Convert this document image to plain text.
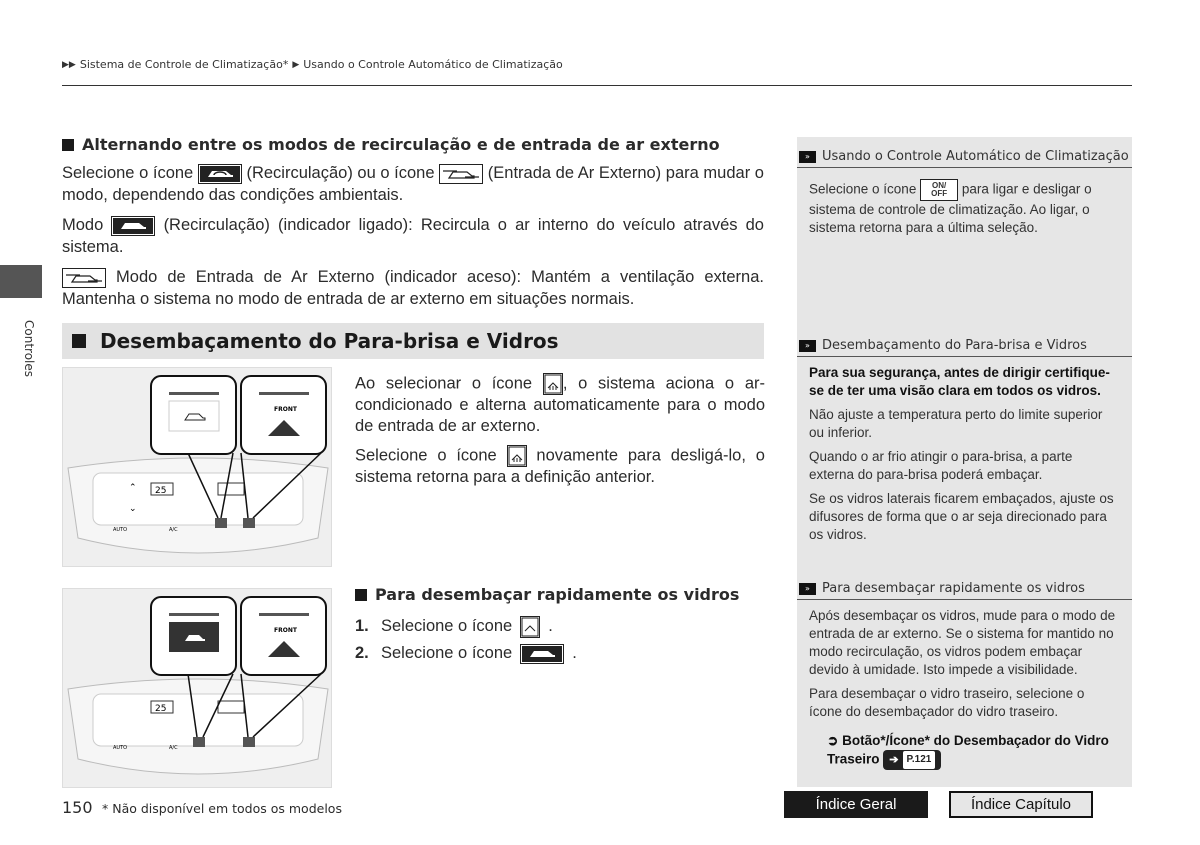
▶▶ Sistema de Controle de Climatização* ▶ Usando o Controle Automático de Climatização
Controles
Alternando entre os modos de recirculação e de entrada de ar externo

Selecione o ícone	(Recirculação) ou o ícone	(Entrada de Ar Externo) para mudar o modo, dependendo das condições ambientais.

Modo	(Recirculação) (indicador ligado): Recircula o ar interno do veículo através do sistema.

Modo de Entrada de Ar Externo (indicador aceso): Mantém a ventilação externa. Mantenha o sistema no modo de entrada de ar externo em situações normais.

Desembaçamento do Para-brisa e Vidros
25
⌃
⌄
AUTO	A/C
FRONT
Ao selecionar o ícone , o sistema aciona o ar-condicionado e alterna automaticamente para o modo de entrada de ar externo.
Selecione o ícone novamente para desligá-lo, o sistema retorna para a definição anterior.
25
AUTO	A/C
FRONT
Para desembaçar rapidamente os vidros
1. Selecione o ícone .
2. Selecione o ícone	.
» Usando o Controle Automático de Climatização

Selecione o ícone ON/
OFF para ligar e desligar o sistema de controle de climatização. Ao ligar, o sistema retorna para a última seleção.

» Desembaçamento do Para-brisa e Vidros

Para sua segurança, antes de dirigir certifique-se de ter uma visão clara em todos os vidros.

Não ajuste a temperatura perto do limite superior ou inferior.

Quando o ar frio atingir o para-brisa, a parte externa do para-brisa poderá embaçar.

Se os vidros laterais ficarem embaçados, ajuste os difusores de forma que o ar seja direcionado para os vidros.

» Para desembaçar rapidamente os vidros

Após desembaçar os vidros, mude para o modo de entrada de ar externo. Se o sistema for mantido no modo recirculação, os vidros podem embaçar devido à umidade. Isto impede a visibilidade.

Para desembaçar o vidro traseiro, selecione o ícone do desembaçador do vidro traseiro.

➲ Botão*/Ícone* do Desembaçador do Vidro Traseiro ➔ P.121
150 * Não disponível em todos os modelos	Índice Geral	Índice Capítulo
